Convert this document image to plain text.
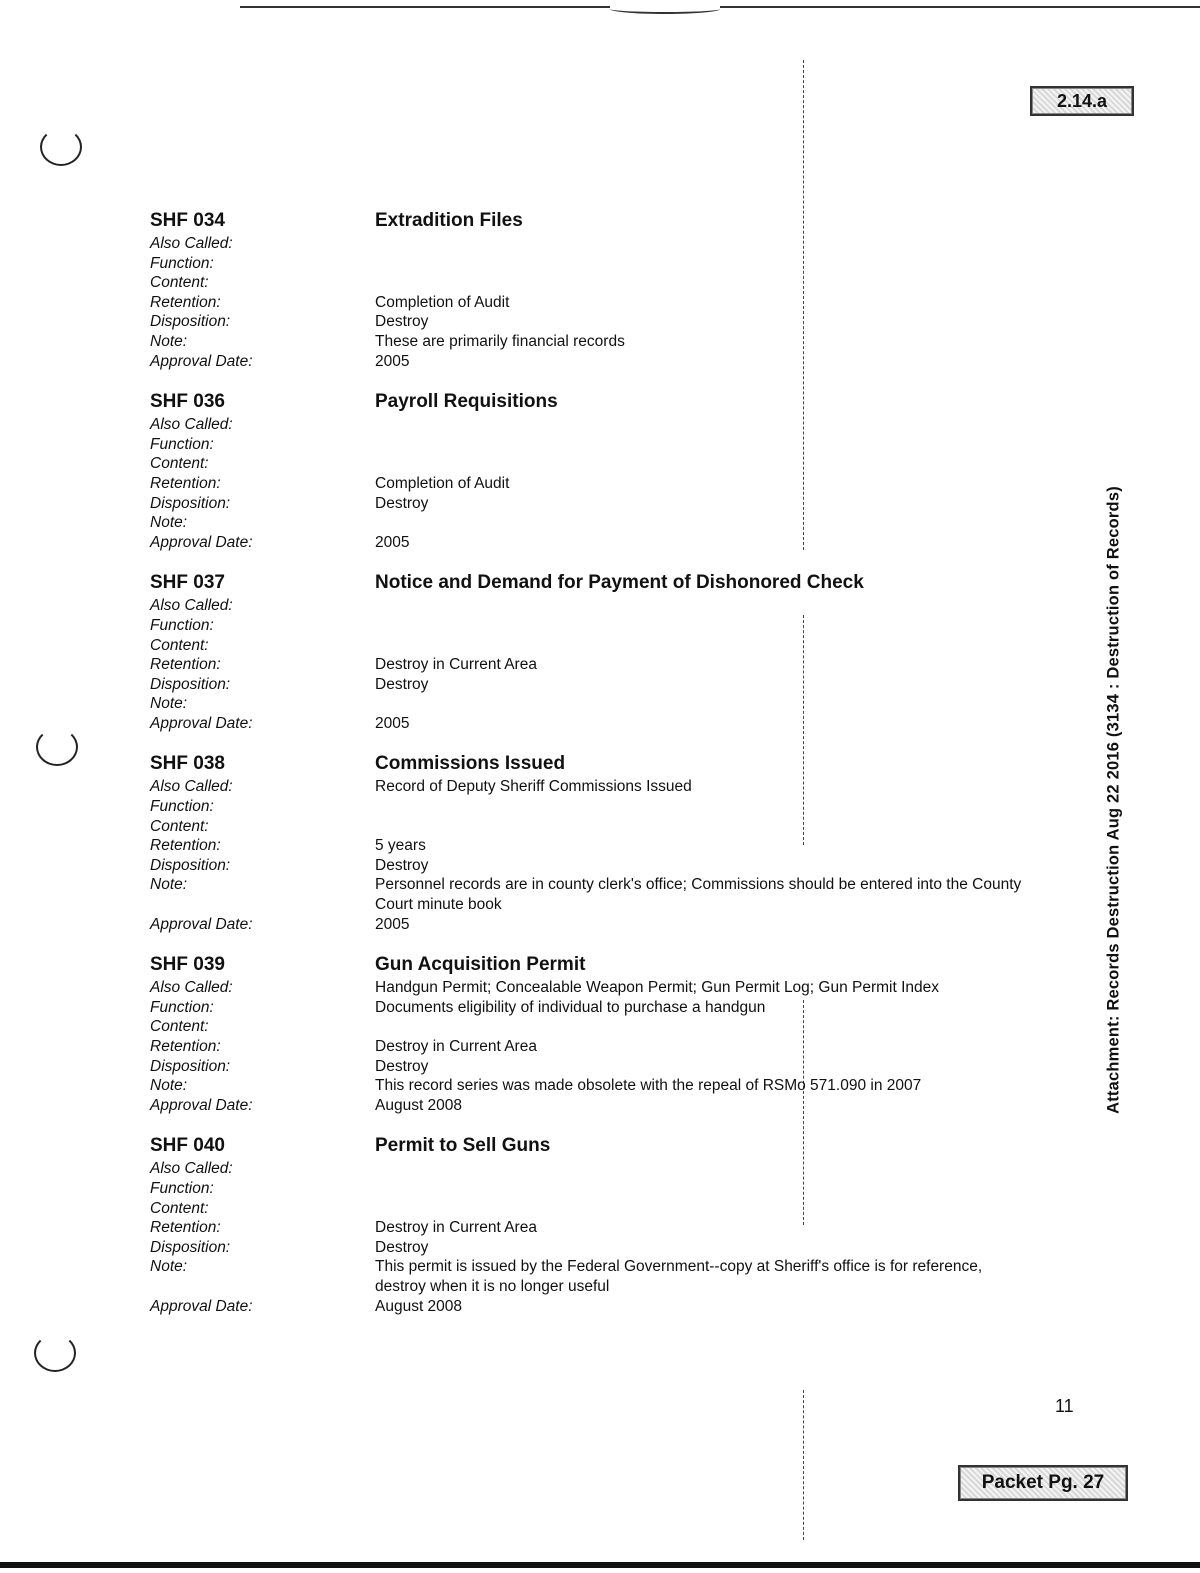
2.14.a
Attachment: Records Destruction Aug 22 2016 (3134 : Destruction of Records)
SHF 034	Extradition Files
Also Called:
Function:
Content:
Retention:	Completion of Audit
Disposition:	Destroy
Note:	These are primarily financial records
Approval Date:	2005
SHF 036	Payroll Requisitions
Also Called:
Function:
Content:
Retention:	Completion of Audit
Disposition:	Destroy
Note:
Approval Date:	2005
SHF 037	Notice and Demand for Payment of Dishonored Check
Also Called:
Function:
Content:
Retention:	Destroy in Current Area
Disposition:	Destroy
Note:
Approval Date:	2005
SHF 038	Commissions Issued
Also Called:	Record of Deputy Sheriff Commissions Issued
Function:
Content:
Retention:	5 years
Disposition:	Destroy
Note:	Personnel records are in county clerk's office; Commissions should be entered into the County Court minute book
Approval Date:	2005
SHF 039	Gun Acquisition Permit
Also Called:	Handgun Permit; Concealable Weapon Permit; Gun Permit Log; Gun Permit Index
Function:	Documents eligibility of individual to purchase a handgun
Content:
Retention:	Destroy in Current Area
Disposition:	Destroy
Note:	This record series was made obsolete with the repeal of RSMo 571.090 in 2007
Approval Date:	August 2008
SHF 040	Permit to Sell Guns
Also Called:
Function:
Content:
Retention:	Destroy in Current Area
Disposition:	Destroy
Note:	This permit is issued by the Federal Government--copy at Sheriff's office is for reference, destroy when it is no longer useful
Approval Date:	August 2008
11
Packet Pg. 27
